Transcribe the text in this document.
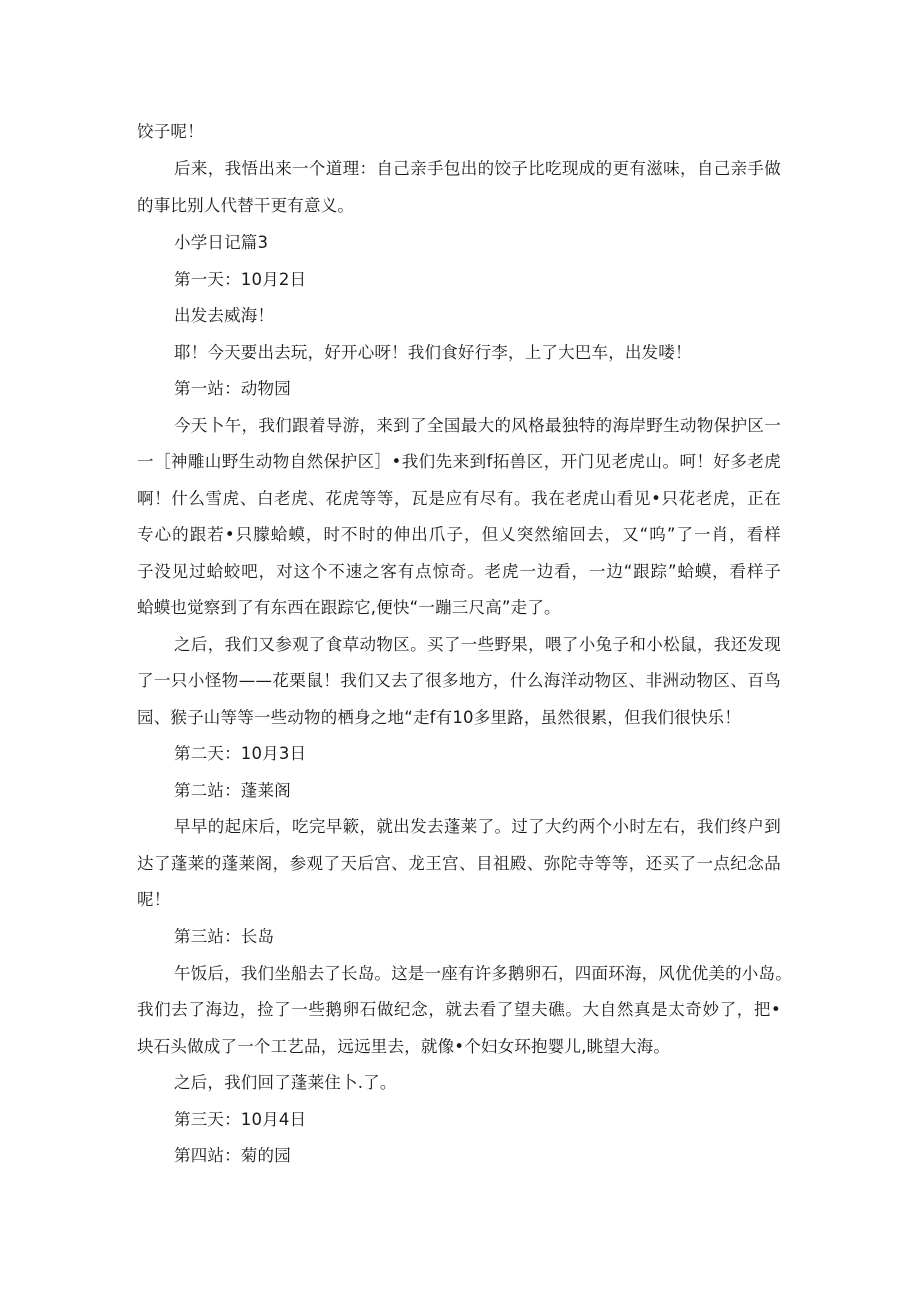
饺子呢！
后来，我悟出来一个道理：自己亲手包出的饺子比吃现成的更有滋味，自己亲手做
的事比别人代替干更有意义。
小学日记篇3
第一天：10月2日
出发去威海！
耶！今天要出去玩，好开心呀！我们食好行李，上了大巴车，出发喽！
第一站：动物园
今天卜午，我们跟着导游，来到了全国最大的风格最独特的海岸野生动物保护区一
一［神雕山野生动物自然保护区］•我们先来到f拓兽区，开门见老虎山。呵！好多老虎
啊！什么雪虎、白老虎、花虎等等，瓦是应有尽有。我在老虎山看见•只花老虎，正在
专心的跟若•只朦蛤蟆，时不时的伸出爪子，但乂突然缩回去，又“呜”了一肖，看样
子没见过蛤蛟吧，对这个不速之客有点惊奇。老虎一边看，一边“跟踪”蛤蟆，看样子
蛤蟆也觉察到了有东西在跟踪它,便快“一蹦三尺高”走了。
之后，我们又参观了食草动物区。买了一些野果，喂了小兔子和小松鼠，我还发现
了一只小怪物——花栗鼠！我们又去了很多地方，什么海洋动物区、非洲动物区、百鸟
园、猴子山等等一些动物的栖身之地“走f有10多里路，虽然很累，但我们很快乐！
第二天：10月3日
第二站：蓬莱阁
早早的起床后，吃完早簌，就出发去蓬莱了。过了大约两个小时左右，我们终户到
达了蓬莱的蓬莱阁，参观了天后宫、龙王宫、目祖殿、弥陀寺等等，还买了一点纪念品
呢！
第三站：长岛
午饭后，我们坐船去了长岛。这是一座有许多鹅卵石，四面环海，风优优美的小岛。
我们去了海边，捡了一些鹅卵石做纪念，就去看了望夫礁。大自然真是太奇妙了，把•
块石头做成了一个工艺品，远远里去，就像•个妇女环抱婴儿,眺望大海。
之后，我们回了蓬莱住卜.了。
第三天：10月4日
第四站：菊的园
